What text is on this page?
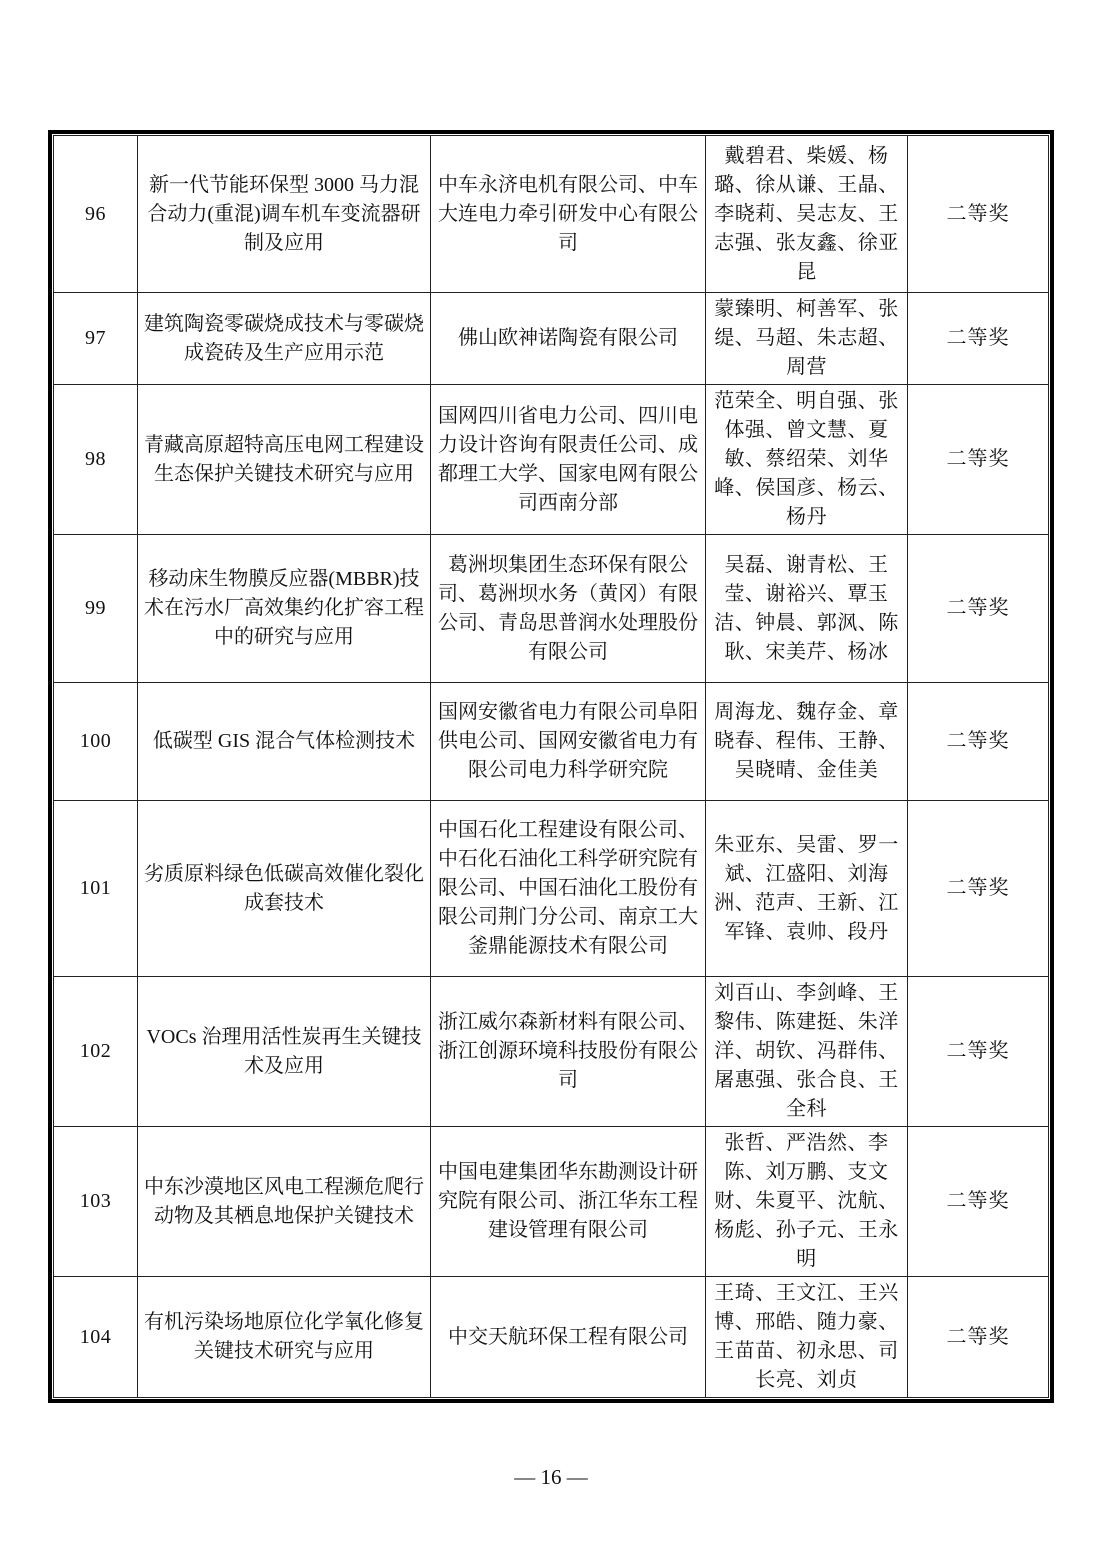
96	新一代节能环保型 3000 马力混合动力(重混)调车机车变流器研制及应用	中车永济电机有限公司、中车大连电力牵引研发中心有限公司	戴碧君、柴媛、杨璐、徐从谦、王晶、李晓莉、吴志友、王志强、张友鑫、徐亚昆	二等奖
97	建筑陶瓷零碳烧成技术与零碳烧成瓷砖及生产应用示范	佛山欧神诺陶瓷有限公司	蒙臻明、柯善军、张缇、马超、朱志超、周营	二等奖
98	青藏高原超特高压电网工程建设生态保护关键技术研究与应用	国网四川省电力公司、四川电力设计咨询有限责任公司、成都理工大学、国家电网有限公司西南分部	范荣全、明自强、张体强、曾文慧、夏敏、蔡绍荣、刘华峰、侯国彦、杨云、杨丹	二等奖
99	移动床生物膜反应器(MBBR)技术在污水厂高效集约化扩容工程中的研究与应用	葛洲坝集团生态环保有限公司、葛洲坝水务（黄冈）有限公司、青岛思普润水处理股份有限公司	吴磊、谢青松、王莹、谢裕兴、覃玉洁、钟晨、郭沨、陈耿、宋美芹、杨冰	二等奖
100	低碳型 GIS 混合气体检测技术	国网安徽省电力有限公司阜阳供电公司、国网安徽省电力有限公司电力科学研究院	周海龙、魏存金、章晓春、程伟、王静、吴晓晴、金佳美	二等奖
101	劣质原料绿色低碳高效催化裂化成套技术	中国石化工程建设有限公司、中石化石油化工科学研究院有限公司、中国石油化工股份有限公司荆门分公司、南京工大釜鼎能源技术有限公司	朱亚东、吴雷、罗一斌、江盛阳、刘海洲、范声、王新、江军锋、袁帅、段丹	二等奖
102	VOCs 治理用活性炭再生关键技术及应用	浙江威尔森新材料有限公司、浙江创源环境科技股份有限公司	刘百山、李剑峰、王黎伟、陈建挺、朱洋洋、胡钦、冯群伟、屠惠强、张合良、王全科	二等奖
103	中东沙漠地区风电工程濒危爬行动物及其栖息地保护关键技术	中国电建集团华东勘测设计研究院有限公司、浙江华东工程建设管理有限公司	张哲、严浩然、李陈、刘万鹏、支文财、朱夏平、沈航、杨彪、孙子元、王永明	二等奖
104	有机污染场地原位化学氧化修复关键技术研究与应用	中交天航环保工程有限公司	王琦、王文江、王兴博、邢皓、随力豪、王苗苗、初永思、司长亮、刘贞	二等奖
— 16 —
